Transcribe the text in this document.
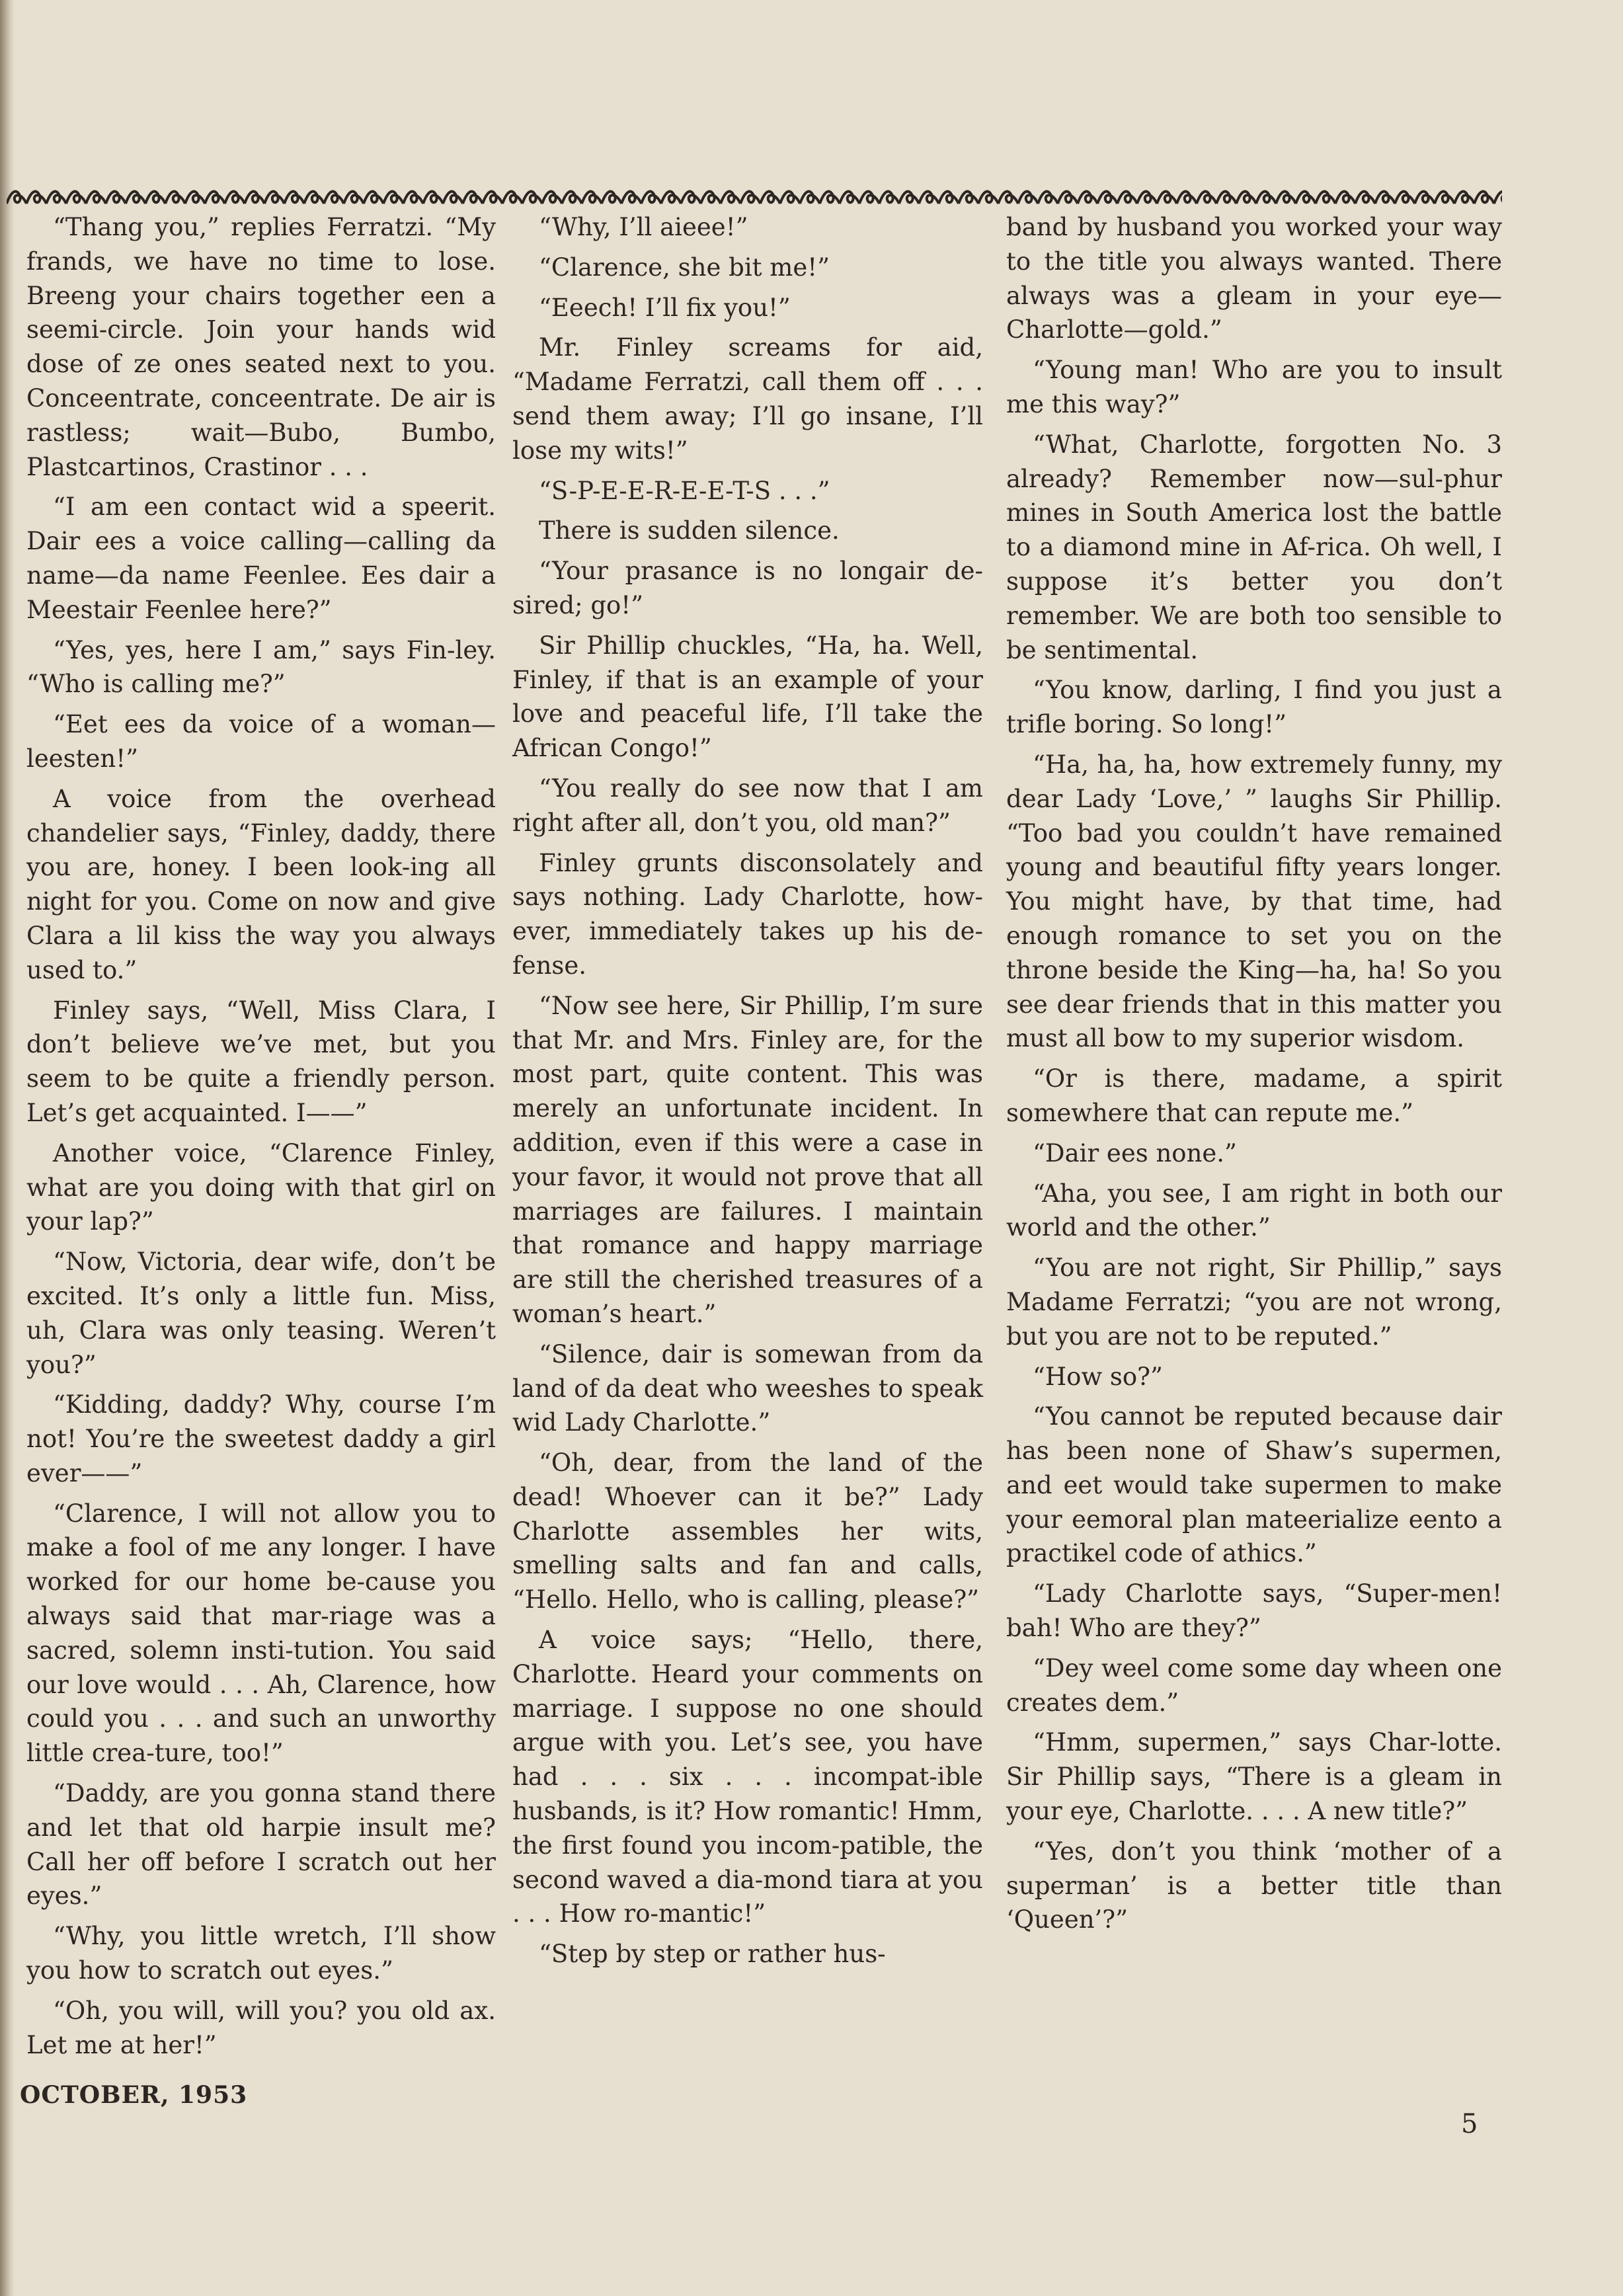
“Thang you,” replies Ferratzi. “My frands, we have no time to lose. Breeng your chairs together een a seemi-circle. Join your hands wid dose of ze ones seated next to you. Conceentrate, conceentrate. De air is rastless; wait—Bubo, Bumbo, Plastcartinos, Crastinor . . .

“I am een contact wid a speerit. Dair ees a voice calling—calling da name—da name Feenlee. Ees dair a Meestair Feenlee here?”

“Yes, yes, here I am,” says Fin-ley. “Who is calling me?”

“Eet ees da voice of a woman—leesten!”

A voice from the overhead chandelier says, “Finley, daddy, there you are, honey. I been look-ing all night for you. Come on now and give Clara a lil kiss the way you always used to.”

Finley says, “Well, Miss Clara, I don’t believe we’ve met, but you seem to be quite a friendly person. Let’s get acquainted. I——”

Another voice, “Clarence Finley, what are you doing with that girl on your lap?”

“Now, Victoria, dear wife, don’t be excited. It’s only a little fun. Miss, uh, Clara was only teasing. Weren’t you?”

“Kidding, daddy? Why, course I’m not! You’re the sweetest daddy a girl ever——”

“Clarence, I will not allow you to make a fool of me any longer. I have worked for our home be-cause you always said that mar-riage was a sacred, solemn insti-tution. You said our love would . . . Ah, Clarence, how could you . . . and such an unworthy little crea-ture, too!”

“Daddy, are you gonna stand there and let that old harpie insult me? Call her off before I scratch out her eyes.”

“Why, you little wretch, I’ll show you how to scratch out eyes.”

“Oh, you will, will you? you old ax. Let me at her!”

“Why, I’ll aieee!”

“Clarence, she bit me!”

“Eeech! I’ll fix you!”

Mr. Finley screams for aid, “Madame Ferratzi, call them off . . . send them away; I’ll go insane, I’ll lose my wits!”

“S-P-E-E-R-E-E-T-S . . .”

There is sudden silence.

“Your prasance is no longair de-sired; go!”

Sir Phillip chuckles, “Ha, ha. Well, Finley, if that is an example of your love and peaceful life, I’ll take the African Congo!”

“You really do see now that I am right after all, don’t you, old man?”

Finley grunts disconsolately and says nothing. Lady Charlotte, how-ever, immediately takes up his de-fense.

“Now see here, Sir Phillip, I’m sure that Mr. and Mrs. Finley are, for the most part, quite content. This was merely an unfortunate incident. In addition, even if this were a case in your favor, it would not prove that all marriages are failures. I maintain that romance and happy marriage are still the cherished treasures of a woman’s heart.”

“Silence, dair is somewan from da land of da deat who weeshes to speak wid Lady Charlotte.”

“Oh, dear, from the land of the dead! Whoever can it be?” Lady Charlotte assembles her wits, smelling salts and fan and calls, “Hello. Hello, who is calling, please?”

A voice says; “Hello, there, Charlotte. Heard your comments on marriage. I suppose no one should argue with you. Let’s see, you have had . . . six . . . incompat-ible husbands, is it? How romantic! Hmm, the first found you incom-patible, the second waved a dia-mond tiara at you . . . How ro-mantic!”

“Step by step or rather hus-

band by husband you worked your way to the title you always wanted. There always was a gleam in your eye—Charlotte—gold.”

“Young man! Who are you to insult me this way?”

“What, Charlotte, forgotten No. 3 already? Remember now—sul-phur mines in South America lost the battle to a diamond mine in Af-rica. Oh well, I suppose it’s better you don’t remember. We are both too sensible to be sentimental.

“You know, darling, I find you just a trifle boring. So long!”

“Ha, ha, ha, how extremely funny, my dear Lady ‘Love,’ ” laughs Sir Phillip. “Too bad you couldn’t have remained young and beautiful fifty years longer. You might have, by that time, had enough romance to set you on the throne beside the King—ha, ha! So you see dear friends that in this matter you must all bow to my superior wisdom.

“Or is there, madame, a spirit somewhere that can repute me.”

“Dair ees none.”

“Aha, you see, I am right in both our world and the other.”

“You are not right, Sir Phillip,” says Madame Ferratzi; “you are not wrong, but you are not to be reputed.”

“How so?”

“You cannot be reputed because dair has been none of Shaw’s supermen, and eet would take supermen to make your eemoral plan mateerialize eento a practikel code of athics.”

“Lady Charlotte says, “Super-men! bah! Who are they?”

“Dey weel come some day wheen one creates dem.”

“Hmm, supermen,” says Char-lotte. Sir Phillip says, “There is a gleam in your eye, Charlotte. . . . A new title?”

“Yes, don’t you think ‘mother of a superman’ is a better title than ‘Queen’?”

OCTOBER, 1953
5
